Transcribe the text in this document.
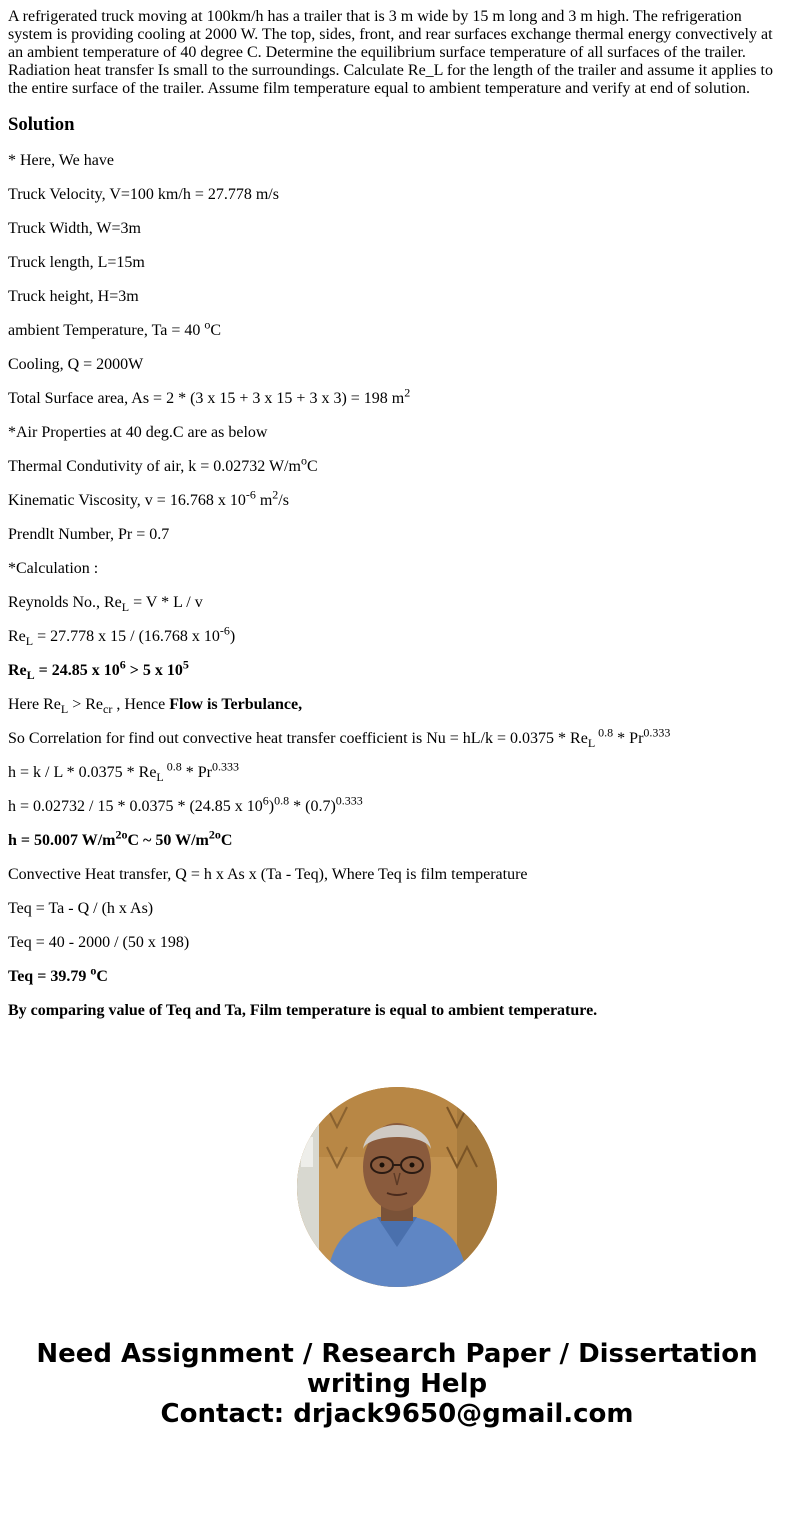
A refrigerated truck moving at 100km/h has a trailer that is 3 m wide by 15 m long and 3 m high. The refrigeration system is providing cooling at 2000 W. The top, sides, front, and rear surfaces exchange thermal energy convectively at an ambient temperature of 40 degree C. Determine the equilibrium surface temperature of all surfaces of the trailer. Radiation heat transfer Is small to the surroundings. Calculate Re_L for the length of the trailer and assume it applies to the entire surface of the trailer. Assume film temperature equal to ambient temperature and verify at end of solution.
Solution

* Here, We have

Truck Velocity, V=100 km/h = 27.778 m/s

Truck Width, W=3m

Truck length, L=15m

Truck height, H=3m

ambient Temperature, Ta = 40 $^o$C

Cooling, Q = 2000W

Total Surface area, As = 2 * (3 x 15 + 3 x 15 + 3 x 3) = 198 $m^2$

*Air Properties at 40 deg.C are as below

Thermal Condutivity of air, k = 0.02732 $W/m^oC$

Kinematic Viscosity, v = 16.768 x $10^{-6}$ $m^2/s$

Prendlt Number, Pr = 0.7

*Calculation :

Reynolds No., $Re_L = V * L / v$

$Re_L = 27.778$ x 15 / (16.768 x $10^{-6}$)

$Re_L = 24.85$ x $10^6 > 5$ x $10^5$

Here $Re_L > Re_{cr}$ , Hence Flow is Terbulance,

So Correlation for find out convective heat transfer coefficient is $Nu = hL/k = 0.0375 * Re_L$ $^{0.8} * Pr^{0.333}$

$h = k / L * 0.0375 * Re_L$ $^{0.8} * Pr^{0.333}$

h = 0.02732 / 15 * 0.0375 * (24.85 x $10^6)^{0.8} * (0.7)^{0.333}$

h = 50.007 $W/m^{2o}C$ ~ 50 $W/m^{2o}C$

Convective Heat transfer, Q = h x As x (Ta - Teq), Where Teq is film temperature

Teq = Ta - Q / (h x As)

Teq = 40 - 2000 / (50 x 198)

Teq = 39.79 $^o$C

By comparing value of Teq and Ta, Film temperature is equal to ambient temperature.

Need Assignment / Research Paper / Dissertation
writing Help
Contact: drjack9650@gmail.com
